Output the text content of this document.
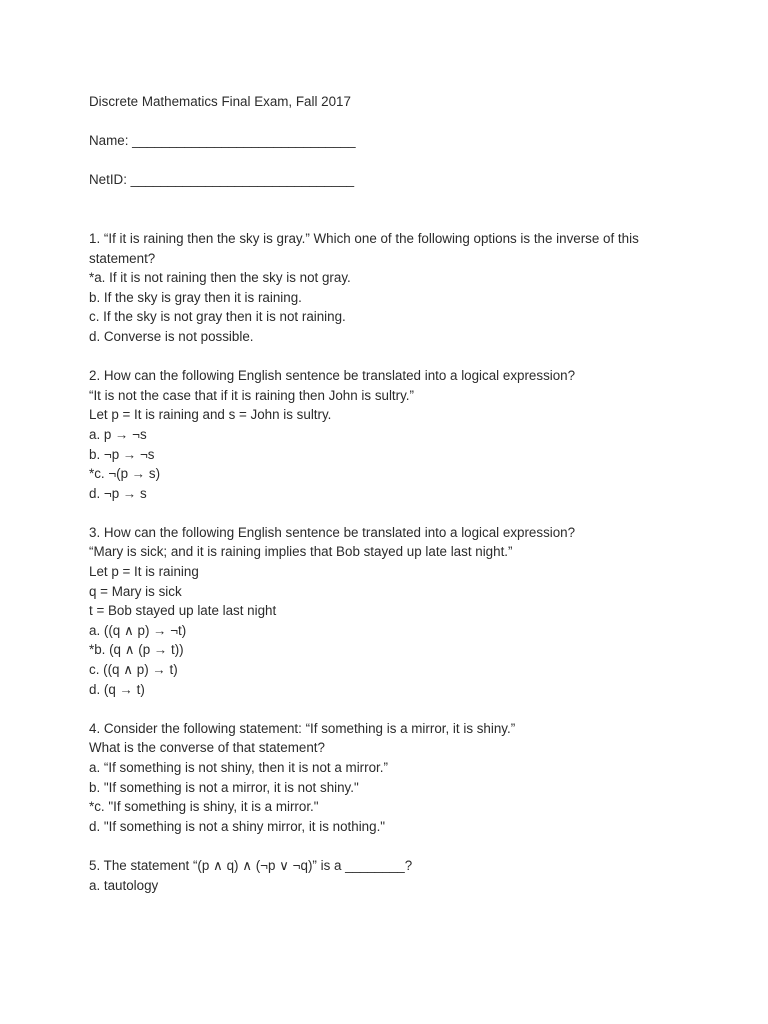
Discrete Mathematics Final Exam, Fall 2017

Name: ______________________________

NetID: ______________________________

1. “If it is raining then the sky is gray.” Which one of the following options is the inverse of this

statement?

*a. If it is not raining then the sky is not gray.

b. If the sky is gray then it is raining.

c. If the sky is not gray then it is not raining.

d. Converse is not possible.

2. How can the following English sentence be translated into a logical expression?

“It is not the case that if it is raining then John is sultry.”

Let p = It is raining and s = John is sultry.

a. p → ¬s

b. ¬p → ¬s

*c. ¬(p → s)

d. ¬p → s

3. How can the following English sentence be translated into a logical expression?

“Mary is sick; and it is raining implies that Bob stayed up late last night.”

Let p = It is raining

q = Mary is sick

t = Bob stayed up late last night

a. ((q ∧ p) → ¬t)

*b. (q ∧ (p → t))

c. ((q ∧ p) → t)

d. (q → t)

4. Consider the following statement: “If something is a mirror, it is shiny.”

What is the converse of that statement?

a. “If something is not shiny, then it is not a mirror.”

b. "If something is not a mirror, it is not shiny."

*c. "If something is shiny, it is a mirror."

d. "If something is not a shiny mirror, it is nothing."

5. The statement “(p ∧ q) ∧ (¬p ∨ ¬q)” is a ________?

a. tautology
